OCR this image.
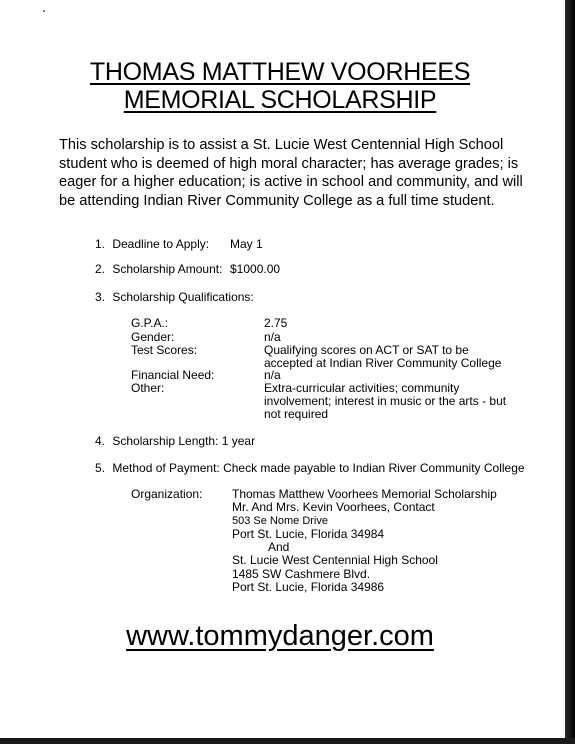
THOMAS MATTHEW VOORHEES
MEMORIAL SCHOLARSHIP
This scholarship is to assist a St. Lucie West Centennial High School student who is deemed of high moral character; has average grades; is eager for a higher education; is active in school and community, and will be attending Indian River Community College as a full time student.
1. Deadline to Apply: May 1
2. Scholarship Amount: $1000.00
3. Scholarship Qualifications:
G.P.A.:	2.75
Gender:	n/a
Test Scores:	Qualifying scores on ACT or SAT to be accepted at Indian River Community College
Financial Need:	n/a
Other:	Extra-curricular activities; community involvement; interest in music or the arts - but not required
4. Scholarship Length: 1 year
5. Method of Payment: Check made payable to Indian River Community College
Organization: Thomas Matthew Voorhees Memorial Scholarship
Mr. And Mrs. Kevin Voorhees, Contact
503 Se Nome Drive
Port St. Lucie, Florida 34984
And
St. Lucie West Centennial High School
1485 SW Cashmere Blvd.
Port St. Lucie, Florida 34986
www.tommydanger.com
